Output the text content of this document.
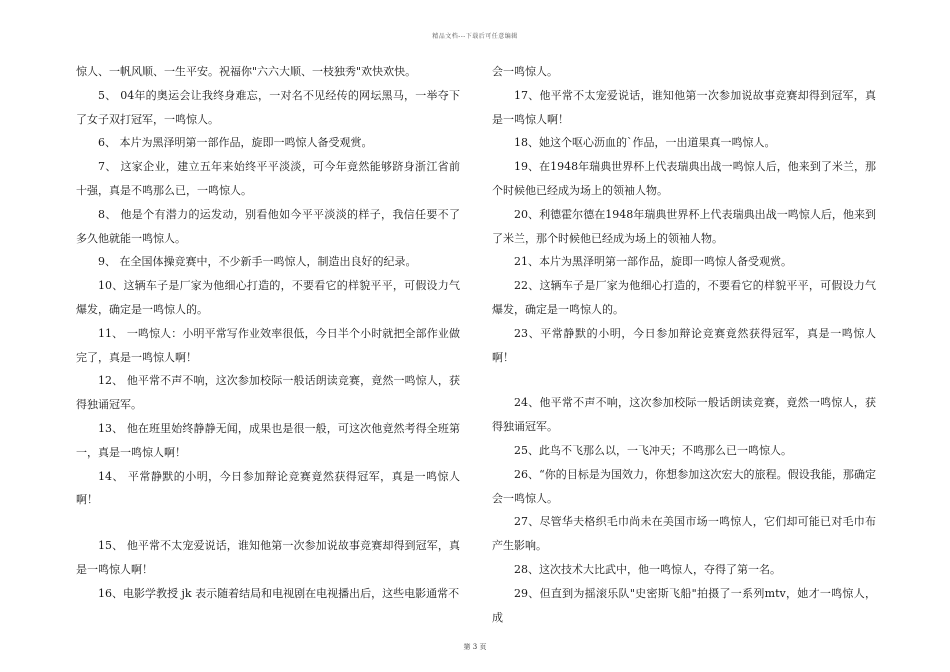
精品文档---下载后可任意编辑

惊人、一帆风顺、一生平安。祝福你"六六大顺、一枝独秀"欢快欢快。

5、 04年的奥运会让我终身难忘，一对名不见经传的网坛黑马，一举夺下了女子双打冠军，一鸣惊人。

6、 本片为黑泽明第一部作品，旋即一鸣惊人备受观赏。

7、 这家企业，建立五年来始终平平淡淡，可今年竟然能够跻身浙江省前十强，真是不鸣那么已，一鸣惊人。

8、 他是个有潜力的运发动，别看他如今平平淡淡的样子，我信任要不了多久他就能一鸣惊人。

9、 在全国体操竞赛中，不少新手一鸣惊人，制造出良好的纪录。

10、这辆车子是厂家为他细心打造的，不要看它的样貌平平，可假设力气爆发，确定是一鸣惊人的。

11、 一鸣惊人：小明平常写作业效率很低，今日半个小时就把全部作业做完了，真是一鸣惊人啊！

12、 他平常不声不响，这次参加校际一般话朗读竞赛，竟然一鸣惊人，获得独诵冠军。

13、 他在班里始终静静无闻，成果也是很一般，可这次他竟然考得全班第一，真是一鸣惊人啊！

14、 平常静默的小明，今日参加辩论竞赛竟然获得冠军，真是一鸣惊人啊！

15、 他平常不太宠爱说话，谁知他第一次参加说故事竞赛却得到冠军，真是一鸣惊人啊！

16、电影学教授 jk 表示随着结局和电视剧在电视播出后，这些电影通常不

会一鸣惊人。

17、他平常不太宠爱说话，谁知他第一次参加说故事竞赛却得到冠军，真是一鸣惊人啊！

18、她这个呕心沥血的`作品，一出道果真一鸣惊人。

19、在1948年瑞典世界杯上代表瑞典出战一鸣惊人后，他来到了米兰，那个时候他已经成为场上的领袖人物。

20、利德霍尔德在1948年瑞典世界杯上代表瑞典出战一鸣惊人后，他来到了米兰，那个时候他已经成为场上的领袖人物。

21、本片为黑泽明第一部作品，旋即一鸣惊人备受观赏。

22、这辆车子是厂家为他细心打造的，不要看它的样貌平平，可假设力气爆发，确定是一鸣惊人的。

23、平常静默的小明，今日参加辩论竞赛竟然获得冠军，真是一鸣惊人啊！

24、他平常不声不响，这次参加校际一般话朗读竞赛，竟然一鸣惊人，获得独诵冠军。

25、此鸟不飞那么以，一飞冲天；不鸣那么已一鸣惊人。

26、“你的目标是为国效力，你想参加这次宏大的旅程。假设我能，那确定会一鸣惊人。

27、尽管华夫格织毛巾尚未在美国市场一鸣惊人，它们却可能已对毛巾布产生影响。

28、这次技术大比武中，他一鸣惊人，夺得了第一名。

29、但直到为摇滚乐队"史密斯飞船"拍摄了一系列mtv，她才一鸣惊人，成

第 3 页
